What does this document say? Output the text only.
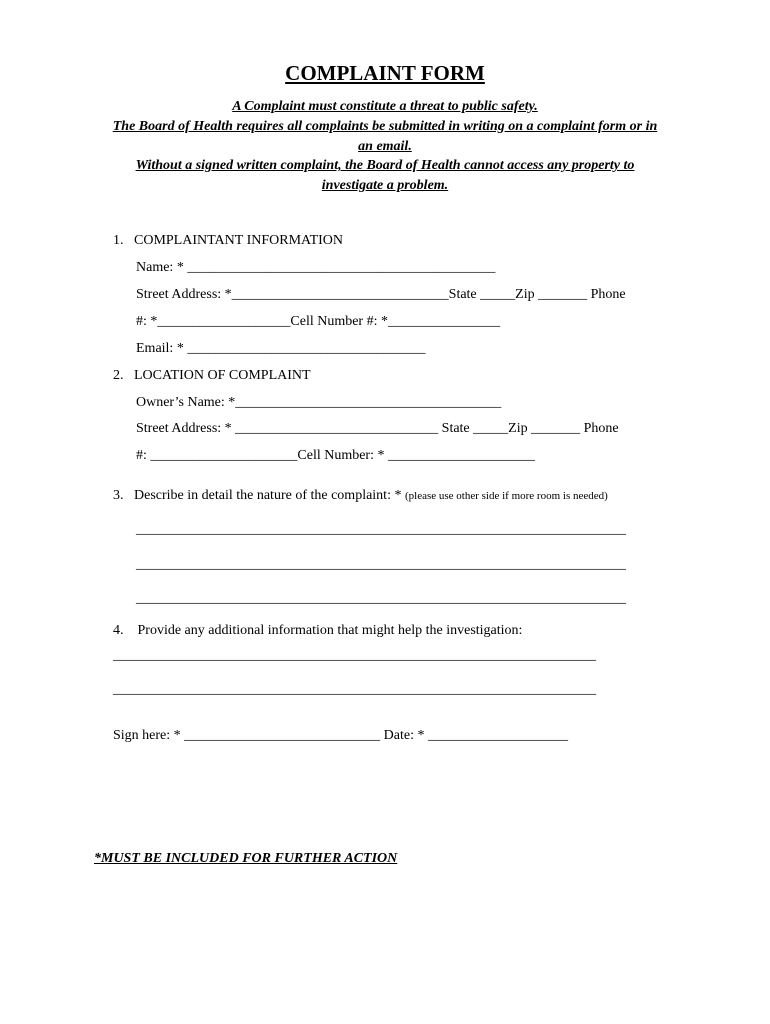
COMPLAINT FORM
A Complaint must constitute a threat to public safety.
The Board of Health requires all complaints be submitted in writing on a complaint form or in
an email.
Without a signed written complaint, the Board of Health cannot access any property to
investigate a problem.
1.   COMPLAINTANT INFORMATION
Name: * ____________________________________________
Street Address: *_______________________________State _____Zip _______ Phone
#: *___________________Cell Number #: *________________
Email: * __________________________________
2.   LOCATION OF COMPLAINT
Owner’s Name: *______________________________________
Street Address: * _____________________________ State _____Zip _______ Phone
#: _____________________Cell Number: * _____________________
3.   Describe in detail the nature of the complaint: * (please use other side if more room is needed)
______________________________________________________________________
______________________________________________________________________
______________________________________________________________________
4.    Provide any additional information that might help the investigation:
_____________________________________________________________________
_____________________________________________________________________
Sign here: * ____________________________ Date: * ____________________
*MUST BE INCLUDED FOR FURTHER ACTION
